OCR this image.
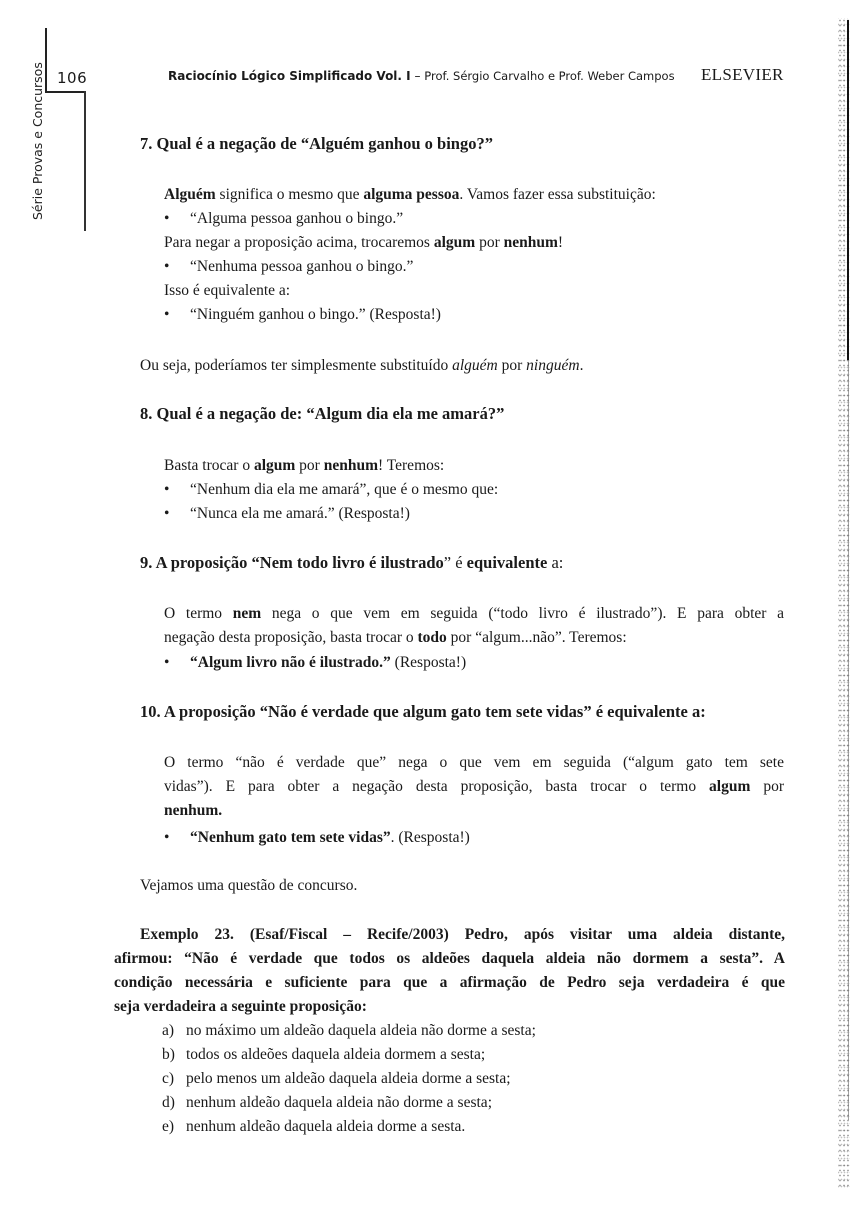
106
Série Provas e Concursos	Raciocínio Lógico Simplificado Vol. I – Prof. Sérgio Carvalho e Prof. Weber Campos ELSEVIER
7. Qual é a negação de “Alguém ganhou o bingo?”
Alguém significa o mesmo que alguma pessoa. Vamos fazer essa substituição:
• “Alguma pessoa ganhou o bingo.”
Para negar a proposição acima, trocaremos algum por nenhum!
• “Nenhuma pessoa ganhou o bingo.”
Isso é equivalente a:
• “Ninguém ganhou o bingo.” (Resposta!)
Ou seja, poderíamos ter simplesmente substituído alguém por ninguém.
8. Qual é a negação de: “Algum dia ela me amará?”
Basta trocar o algum por nenhum! Teremos:
• “Nenhum dia ela me amará”, que é o mesmo que:
• “Nunca ela me amará.” (Resposta!)
9. A proposição “Nem todo livro é ilustrado” é equivalente a:
O termo nem nega o que vem em seguida (“todo livro é ilustrado”). E para obter a
negação desta proposição, basta trocar o todo por “algum...não”. Teremos:
• “Algum livro não é ilustrado.” (Resposta!)
10. A proposição “Não é verdade que algum gato tem sete vidas” é equivalente a:
O termo “não é verdade que” nega o que vem em seguida (“algum gato tem sete
vidas”). E para obter a negação desta proposição, basta trocar o termo algum por
nenhum.
• “Nenhum gato tem sete vidas”. (Resposta!)
Vejamos uma questão de concurso.
Exemplo 23. (Esaf/Fiscal – Recife/2003) Pedro, após visitar uma aldeia distante,
afirmou: “Não é verdade que todos os aldeões daquela aldeia não dormem a sesta”. A
condição necessária e suficiente para que a afirmação de Pedro seja verdadeira é que
seja verdadeira a seguinte proposição:
a) no máximo um aldeão daquela aldeia não dorme a sesta;
b) todos os aldeões daquela aldeia dormem a sesta;
c) pelo menos um aldeão daquela aldeia dorme a sesta;
d) nenhum aldeão daquela aldeia não dorme a sesta;
e) nenhum aldeão daquela aldeia dorme a sesta.
